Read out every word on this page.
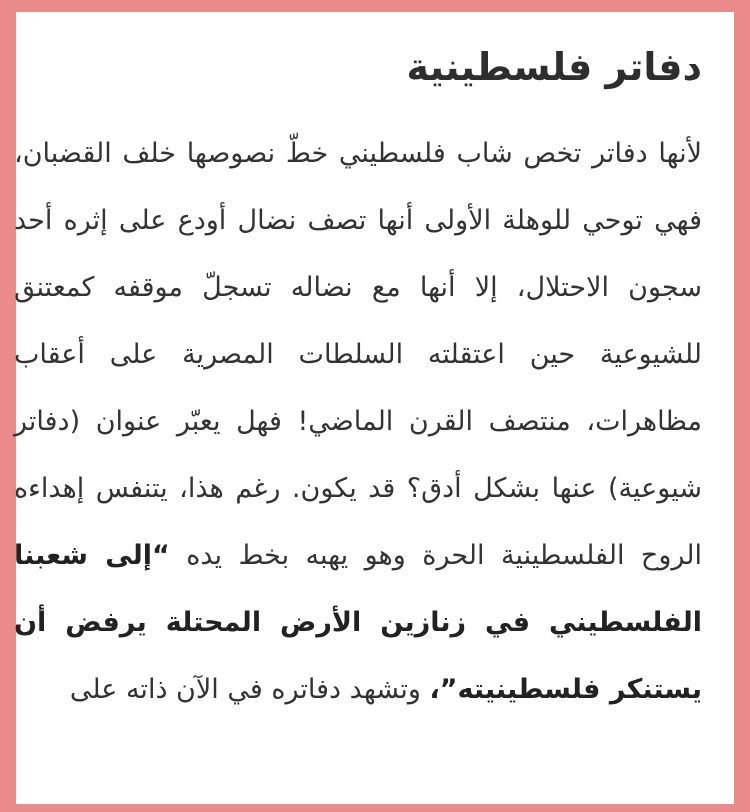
دفاتر فلسطينية

لأنها دفاتر تخص شاب فلسطيني خطّ نصوصها خلف القضبان، فهي توحي للوهلة الأولى أنها تصف نضال أودع على إثره أحد سجون الاحتلال، إلا أنها مع نضاله تسجلّ موقفه كمعتنق للشيوعية حين اعتقلته السلطات المصرية على أعقاب مظاهرات، منتصف القرن الماضي! فهل يعبّر عنوان (دفاتر شيوعية) عنها بشكل أدق؟ قد يكون. رغم هذا، يتنفس إهداءه الروح الفلسطينية الحرة وهو يهبه بخط يده “إلى شعبنا الفلسطيني في زنازين الأرض المحتلة يرفض أن يستنكر فلسطينيته”، وتشهد دفاتره في الآن ذاته على
